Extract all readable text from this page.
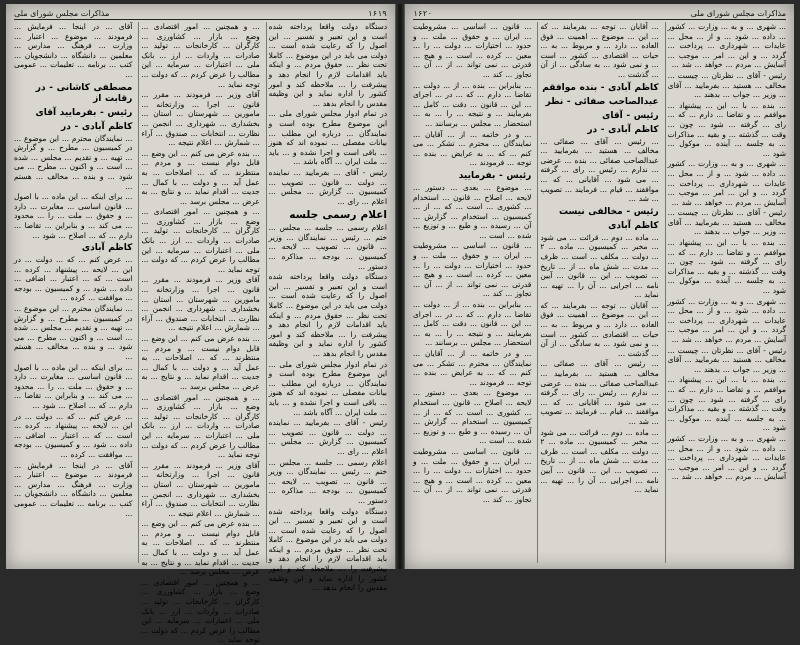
۱۶۱۹
مذاکرات مجلس شورای ملی

دستگاه دولت واقعا پرداخته شده است و این تعبیر و تفسیر ... این اصول را که رعایت شده است ... دولت می باید در این موضوع ... کاملا تحت نظر ... حقوق مردم ... و اینکه باید اقدامات لازم را انجام دهد و پیشرفت را ... ملاحظه کند و امور کشور را اداره نماید و این وظیفه مقدس را انجام بدهد ...

در تمام ادوار مجلس شورای ملی ... این موضوع مطرح بوده است و نمایندگان ... درباره این مطلب ... بیانات مفصلی ... نموده اند که هنوز ... باقی است و اجرا نشده و ... باید ... ملت ایران ... آگاه باشد ...

رئیس - آقای ... بفرمایید ... نماینده ... دولت ... قانون ... تصویب ... کمیسیون ... گزارش ... مجلس ... اعلام ... رای ...

اعلام رسمی جلسه

اعلام رسمی ... جلسه ... مجلس ... ختم ... رئیس ... نمایندگان ... وزیر ... قانون ... تصویب ... لایحه ... کمیسیون ... بودجه ... مذاکره ... دستور ...

دستگاه دولت واقعا پرداخته شده است و این تعبیر و تفسیر ... این اصول را که رعایت شده است ... دولت می باید در این موضوع ... کاملا تحت نظر ... حقوق مردم ... و اینکه باید اقدامات لازم را انجام دهد و پیشرفت را ... ملاحظه کند و امور کشور را اداره نماید و این وظیفه مقدس را انجام بدهد ...

در تمام ادوار مجلس شورای ملی ... این موضوع مطرح بوده است و نمایندگان ... درباره این مطلب ... بیانات مفصلی ... نموده اند که هنوز ... باقی است و اجرا نشده و ... باید ... ملت ایران ... آگاه باشد ...

رئیس - آقای ... بفرمایید ... نماینده ... دولت ... قانون ... تصویب ... کمیسیون ... گزارش ... مجلس ... اعلام ... رای ...

اعلام رسمی ... جلسه ... مجلس ... ختم ... رئیس ... نمایندگان ... وزیر ... قانون ... تصویب ... لایحه ... کمیسیون ... بودجه ... مذاکره ... دستور ...

دستگاه دولت واقعا پرداخته شده است و این تعبیر و تفسیر ... این اصول را که رعایت شده است ... دولت می باید در این موضوع ... کاملا تحت نظر ... حقوق مردم ... و اینکه باید اقدامات لازم را انجام دهد و پیشرفت را ... ملاحظه کند و امور کشور را اداره نماید و این وظیفه مقدس را انجام بدهد ...

... و همچنین ... امور اقتصادی ... وضع ... بازار ... کشاورزی ... کارگران ... کارخانجات ... تولید ... صادرات ... واردات ... ارز ... بانک ملی ... اعتبارات ... سرمایه ... این مطالب را عرض کردم ... که دولت ... توجه نماید ...

آقای وزیر ... فرمودند ... مقرر ... قانون ... اجرا ... وزارتخانه ... مامورین ... شهرستان ... استان ... بخشداری ... شهرداری ... انجمن ... نظارت ... انتخابات ... صندوق ... آراء ... شمارش ... اعلام نتیجه ...

... بنده عرض می کنم ... این وضع ... قابل دوام نیست ... و مردم ... منتظرند ... که ... اصلاحات ... به عمل آید ... و دولت ... با کمال ... جدیت ... اقدام نماید ... و نتایج ... به عرض ... مجلس برسد ...

... و همچنین ... امور اقتصادی ... وضع ... بازار ... کشاورزی ... کارگران ... کارخانجات ... تولید ... صادرات ... واردات ... ارز ... بانک ملی ... اعتبارات ... سرمایه ... این مطالب را عرض کردم ... که دولت ... توجه نماید ...

آقای وزیر ... فرمودند ... مقرر ... قانون ... اجرا ... وزارتخانه ... مامورین ... شهرستان ... استان ... بخشداری ... شهرداری ... انجمن ... نظارت ... انتخابات ... صندوق ... آراء ... شمارش ... اعلام نتیجه ...

... بنده عرض می کنم ... این وضع ... قابل دوام نیست ... و مردم ... منتظرند ... که ... اصلاحات ... به عمل آید ... و دولت ... با کمال ... جدیت ... اقدام نماید ... و نتایج ... به عرض ... مجلس برسد ...

... و همچنین ... امور اقتصادی ... وضع ... بازار ... کشاورزی ... کارگران ... کارخانجات ... تولید ... صادرات ... واردات ... ارز ... بانک ملی ... اعتبارات ... سرمایه ... این مطالب را عرض کردم ... که دولت ... توجه نماید ...

آقای وزیر ... فرمودند ... مقرر ... قانون ... اجرا ... وزارتخانه ... مامورین ... شهرستان ... استان ... بخشداری ... شهرداری ... انجمن ... نظارت ... انتخابات ... صندوق ... آراء ... شمارش ... اعلام نتیجه ...

... بنده عرض می کنم ... این وضع ... قابل دوام نیست ... و مردم ... منتظرند ... که ... اصلاحات ... به عمل آید ... و دولت ... با کمال ... جدیت ... اقدام نماید ... و نتایج ... به عرض ... مجلس برسد ...

... و همچنین ... امور اقتصادی ... وضع ... بازار ... کشاورزی ... کارگران ... کارخانجات ... تولید ... صادرات ... واردات ... ارز ... بانک ملی ... اعتبارات ... سرمایه ... این مطالب را عرض کردم ... که دولت ... توجه نماید ...

آقای ... در اینجا ... فرمایش ... فرمودند ... موضوع ... اعتبار ... وزارت ... فرهنگ ... مدارس ... معلمین ... دانشگاه ... دانشجویان ... کتب ... برنامه ... تعلیمات ... عمومی ...

مصطفی کاشانی - در رقابت از
رئیس - بفرمایید آقای
کاظم آبادی - در

... نمایندگان محترم ... این موضوع ... در کمیسیون ... مطرح ... و گزارش ... تهیه ... و تقدیم ... مجلس ... شده ... است ... و اکنون ... مطرح ... می شود ... و بنده ... مخالف ... هستم ...

... برای اینکه ... این ماده ... با اصول ... قانون اساسی ... مغایرت ... دارد ... و حقوق ... ملت ... را ... محدود ... می کند ... و بنابراین ... تقاضا ... دارم ... که ... اصلاح ... شود ...

کاظم آبادی

... عرض کنم ... که ... دولت ... در این ... لایحه ... پیشنهاد ... کرده ... است ... که ... اعتبار ... اضافی ... داده ... شود ... و کمیسیون ... بودجه ... موافقت ... کرده ...

... نمایندگان محترم ... این موضوع ... در کمیسیون ... مطرح ... و گزارش ... تهیه ... و تقدیم ... مجلس ... شده ... است ... و اکنون ... مطرح ... می شود ... و بنده ... مخالف ... هستم ...

... برای اینکه ... این ماده ... با اصول ... قانون اساسی ... مغایرت ... دارد ... و حقوق ... ملت ... را ... محدود ... می کند ... و بنابراین ... تقاضا ... دارم ... که ... اصلاح ... شود ...

... عرض کنم ... که ... دولت ... در این ... لایحه ... پیشنهاد ... کرده ... است ... که ... اعتبار ... اضافی ... داده ... شود ... و کمیسیون ... بودجه ... موافقت ... کرده ...

آقای ... در اینجا ... فرمایش ... فرمودند ... موضوع ... اعتبار ... وزارت ... فرهنگ ... مدارس ... معلمین ... دانشگاه ... دانشجویان ... کتب ... برنامه ... تعلیمات ... عمومی ...

مذاکرات مجلس شورای ملی
۱۶۲۰

... شهری ... و به ... وزارت ... کشور ... داده ... شود ... و از ... محل ... عایدات ... شهرداری ... پرداخت ... گردد ... و این ... امر ... موجب ... آسایش ... مردم ... خواهد ... شد ...

رئیس - آقای ... نظرتان ... چیست ... مخالف ... هستید ... بفرمایید ... آقای ... وزیر ... جواب ... بدهند ...

... بنده ... با ... این ... پیشنهاد ... موافقم ... و تقاضا ... دارم ... که ... رای ... گرفته ... شود ... چون ... وقت ... گذشته ... و بقیه ... مذاکرات ... به جلسه ... آینده ... موکول ... شود ...

... شهری ... و به ... وزارت ... کشور ... داده ... شود ... و از ... محل ... عایدات ... شهرداری ... پرداخت ... گردد ... و این ... امر ... موجب ... آسایش ... مردم ... خواهد ... شد ...

رئیس - آقای ... نظرتان ... چیست ... مخالف ... هستید ... بفرمایید ... آقای ... وزیر ... جواب ... بدهند ...

... بنده ... با ... این ... پیشنهاد ... موافقم ... و تقاضا ... دارم ... که ... رای ... گرفته ... شود ... چون ... وقت ... گذشته ... و بقیه ... مذاکرات ... به جلسه ... آینده ... موکول ... شود ...

... شهری ... و به ... وزارت ... کشور ... داده ... شود ... و از ... محل ... عایدات ... شهرداری ... پرداخت ... گردد ... و این ... امر ... موجب ... آسایش ... مردم ... خواهد ... شد ...

رئیس - آقای ... نظرتان ... چیست ... مخالف ... هستید ... بفرمایید ... آقای ... وزیر ... جواب ... بدهند ...

... بنده ... با ... این ... پیشنهاد ... موافقم ... و تقاضا ... دارم ... که ... رای ... گرفته ... شود ... چون ... وقت ... گذشته ... و بقیه ... مذاکرات ... به جلسه ... آینده ... موکول ... شود ...

... شهری ... و به ... وزارت ... کشور ... داده ... شود ... و از ... محل ... عایدات ... شهرداری ... پرداخت ... گردد ... و این ... امر ... موجب ... آسایش ... مردم ... خواهد ... شد ...

... آقایان ... توجه ... بفرمایند ... که ... این ... موضوع ... اهمیت ... فوق العاده ... دارد ... و مربوط ... به ... حیات ... اقتصادی ... کشور ... است ... و نمی شود ... به سادگی ... از آن ... گذشت ...

کاظم آبادی - بنده موافقم
عبدالصاحب صفائی - نظر
رئیس - آقای
کاظم آبادی - در

... رئیس ... آقای ... صفائی ... مخالف ... هستید ... بفرمایید ... عبدالصاحب صفائی ... بنده ... عرضی ... ندارم ... رئیس ... رای ... گرفته ... می شود ... آقایانی ... که ... موافقند ... قیام ... فرمایند ... تصویب ... شد ...

رئیس - مخالفی نیست
کاظم آبادی

... ماده ... دوم ... قرائت ... می شود ... مخبر ... کمیسیون ... ماده ... ۲ ... دولت ... مکلف ... است ... ظرف ... مدت ... شش ماه ... از ... تاریخ ... تصویب ... این ... قانون ... آیین نامه ... اجرایی ... آن را ... تهیه ... نماید ...

... آقایان ... توجه ... بفرمایند ... که ... این ... موضوع ... اهمیت ... فوق العاده ... دارد ... و مربوط ... به ... حیات ... اقتصادی ... کشور ... است ... و نمی شود ... به سادگی ... از آن ... گذشت ...

... رئیس ... آقای ... صفائی ... مخالف ... هستید ... بفرمایید ... عبدالصاحب صفائی ... بنده ... عرضی ... ندارم ... رئیس ... رای ... گرفته ... می شود ... آقایانی ... که ... موافقند ... قیام ... فرمایند ... تصویب ... شد ...

... ماده ... دوم ... قرائت ... می شود ... مخبر ... کمیسیون ... ماده ... ۲ ... دولت ... مکلف ... است ... ظرف ... مدت ... شش ماه ... از ... تاریخ ... تصویب ... این ... قانون ... آیین نامه ... اجرایی ... آن را ... تهیه ... نماید ...

... قانون ... اساسی ... مشروطیت ... ایران ... و حقوق ... ملت ... و حدود ... اختیارات ... دولت ... را ... معین ... کرده ... است ... و هیچ ... قدرتی ... نمی تواند ... از ... آن ... تجاوز ... کند ...

... بنابراین ... بنده ... از ... دولت ... تقاضا ... دارم ... که ... در ... اجرای ... این ... قانون ... دقت ... کامل ... بفرمایند ... و نتیجه ... را ... به ... استحضار ... مجلس ... برسانند ...

... و در خاتمه ... از ... آقایان ... نمایندگان ... محترم ... تشکر ... می کنم ... که ... به عرایض ... بنده ... توجه ... فرمودند ...

رئیس - بفرمایید

... موضوع ... بعدی ... دستور ... لایحه ... اصلاح ... قانون ... استخدام ... کشوری ... است ... که ... از ... کمیسیون ... استخدام ... گزارش ... آن ... رسیده ... و طبع ... و توزیع ... شده ... است ...

... قانون ... اساسی ... مشروطیت ... ایران ... و حقوق ... ملت ... و حدود ... اختیارات ... دولت ... را ... معین ... کرده ... است ... و هیچ ... قدرتی ... نمی تواند ... از ... آن ... تجاوز ... کند ...

... بنابراین ... بنده ... از ... دولت ... تقاضا ... دارم ... که ... در ... اجرای ... این ... قانون ... دقت ... کامل ... بفرمایند ... و نتیجه ... را ... به ... استحضار ... مجلس ... برسانند ...

... و در خاتمه ... از ... آقایان ... نمایندگان ... محترم ... تشکر ... می کنم ... که ... به عرایض ... بنده ... توجه ... فرمودند ...

... موضوع ... بعدی ... دستور ... لایحه ... اصلاح ... قانون ... استخدام ... کشوری ... است ... که ... از ... کمیسیون ... استخدام ... گزارش ... آن ... رسیده ... و طبع ... و توزیع ... شده ... است ...

... قانون ... اساسی ... مشروطیت ... ایران ... و حقوق ... ملت ... و حدود ... اختیارات ... دولت ... را ... معین ... کرده ... است ... و هیچ ... قدرتی ... نمی تواند ... از ... آن ... تجاوز ... کند ...
